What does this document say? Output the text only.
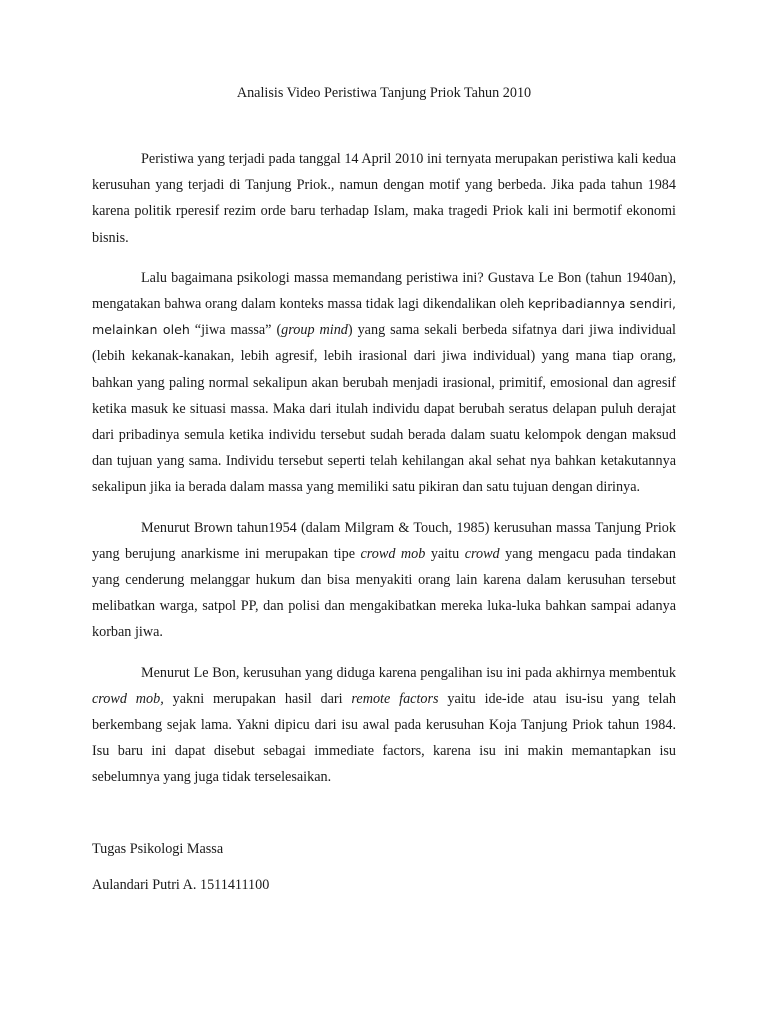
Analisis Video Peristiwa Tanjung Priok Tahun 2010

Peristiwa yang terjadi pada tanggal 14 April 2010 ini ternyata merupakan peristiwa kali kedua kerusuhan yang terjadi di Tanjung Priok., namun dengan motif yang berbeda. Jika pada tahun 1984 karena politik rperesif rezim orde baru terhadap Islam, maka tragedi Priok kali ini bermotif ekonomi bisnis.

Lalu bagaimana psikologi massa memandang peristiwa ini? Gustava Le Bon (tahun 1940an), mengatakan bahwa orang dalam konteks massa tidak lagi dikendalikan oleh kepribadiannya sendiri, melainkan oleh “jiwa massa” (group mind) yang sama sekali berbeda sifatnya dari jiwa individual (lebih kekanak-kanakan, lebih agresif, lebih irasional dari jiwa individual) yang mana tiap orang, bahkan yang paling normal sekalipun akan berubah menjadi irasional, primitif, emosional dan agresif ketika masuk ke situasi massa. Maka dari itulah individu dapat berubah seratus delapan puluh derajat dari pribadinya semula ketika individu tersebut sudah berada dalam suatu kelompok dengan maksud dan tujuan yang sama. Individu tersebut seperti telah kehilangan akal sehat nya bahkan ketakutannya sekalipun jika ia berada dalam massa yang memiliki satu pikiran dan satu tujuan dengan dirinya.

Menurut Brown tahun1954 (dalam Milgram & Touch, 1985) kerusuhan massa Tanjung Priok yang berujung anarkisme ini merupakan tipe crowd mob yaitu crowd yang mengacu pada tindakan yang cenderung melanggar hukum dan bisa menyakiti orang lain karena dalam kerusuhan tersebut melibatkan warga, satpol PP, dan polisi dan mengakibatkan mereka luka-luka bahkan sampai adanya korban jiwa.

Menurut Le Bon, kerusuhan yang diduga karena pengalihan isu ini pada akhirnya membentuk crowd mob, yakni merupakan hasil dari remote factors yaitu ide-ide atau isu-isu yang telah berkembang sejak lama. Yakni dipicu dari isu awal pada kerusuhan Koja Tanjung Priok tahun 1984. Isu baru ini dapat disebut sebagai immediate factors, karena isu ini makin memantapkan isu sebelumnya yang juga tidak terselesaikan.

Tugas Psikologi Massa

Aulandari Putri A. 1511411100
